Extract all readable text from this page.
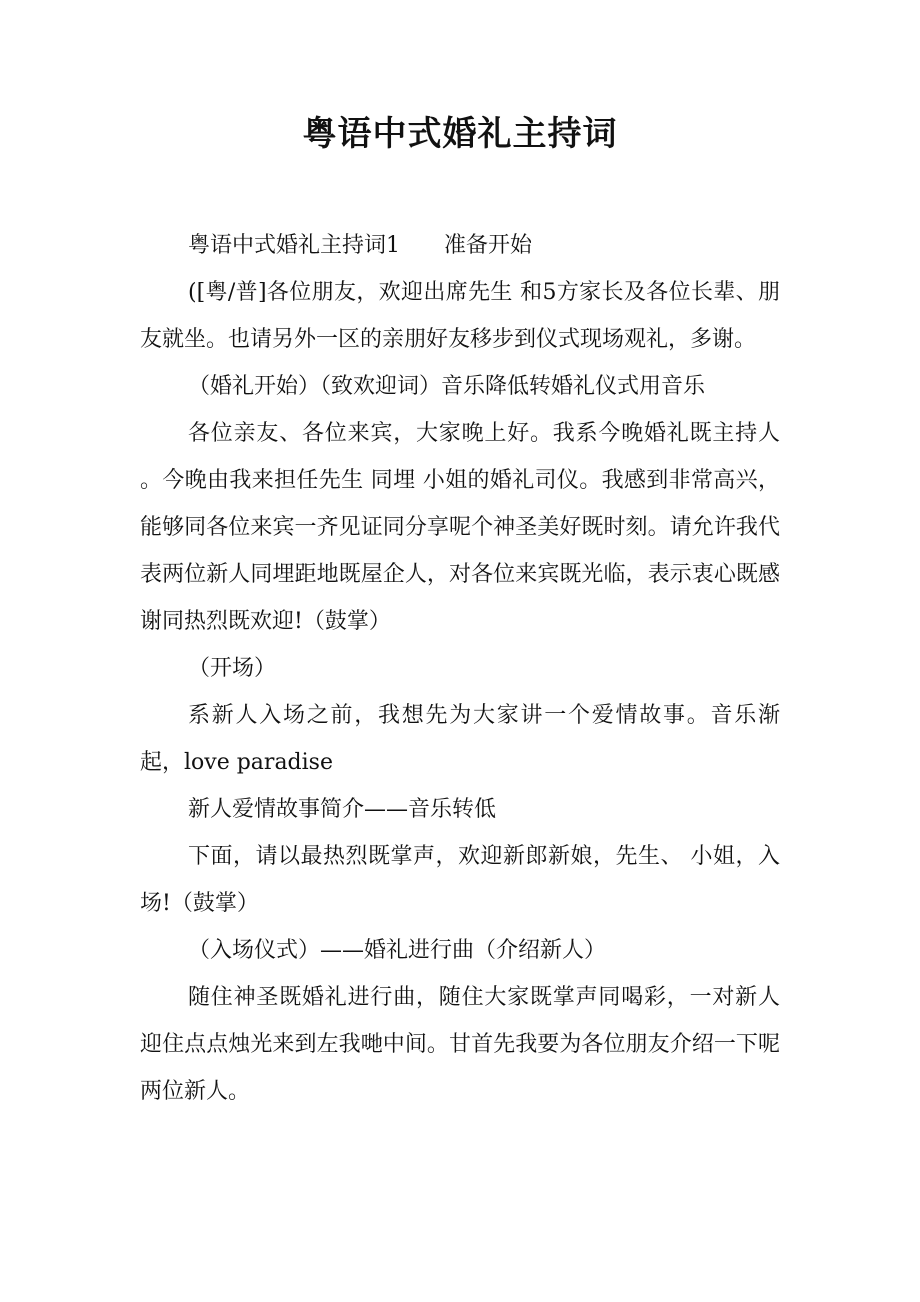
粤语中式婚礼主持词

粤语中式婚礼主持词1 准备开始

([粤/普]各位朋友，欢迎出席先生 和5方家长及各位长辈、朋友就坐。也请另外一区的亲朋好友移步到仪式现场观礼，多谢。

（婚礼开始）（致欢迎词）音乐降低转婚礼仪式用音乐

各位亲友、各位来宾，大家晚上好。我系今晚婚礼既主持人 。今晚由我来担任先生 同埋 小姐的婚礼司仪。我感到非常高兴，能够同各位来宾一齐见证同分享呢个神圣美好既时刻。请允许我代表两位新人同埋距地既屋企人，对各位来宾既光临，表示衷心既感谢同热烈既欢迎!（鼓掌）

（开场）

系新人入场之前，我想先为大家讲一个爱情故事。音乐渐起，love paradise

新人爱情故事简介——音乐转低

下面，请以最热烈既掌声，欢迎新郎新娘，先生、 小姐，入场!（鼓掌）

（入场仪式）——婚礼进行曲（介绍新人）

随住神圣既婚礼进行曲，随住大家既掌声同喝彩，一对新人迎住点点烛光来到左我哋中间。甘首先我要为各位朋友介绍一下呢两位新人。
